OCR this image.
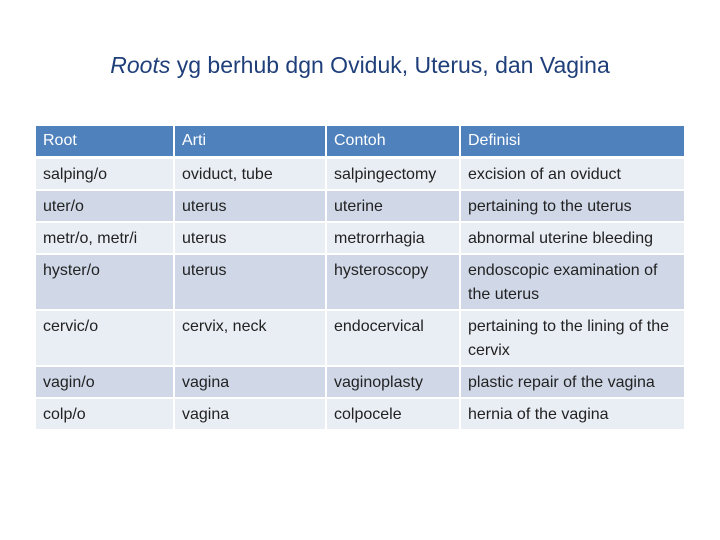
Roots yg berhub dgn Oviduk, Uterus, dan Vagina
Root	Arti	Contoh	Definisi
salping/o	oviduct, tube	salpingectomy	excision of an oviduct
uter/o	uterus	uterine	pertaining to the uterus
metr/o, metr/i	uterus	metrorrhagia	abnormal uterine bleeding
hyster/o	uterus	hysteroscopy	endoscopic examination of the uterus
cervic/o	cervix, neck	endocervical	pertaining to the lining of the cervix
vagin/o	vagina	vaginoplasty	plastic repair of the vagina
colp/o	vagina	colpocele	hernia of the vagina
